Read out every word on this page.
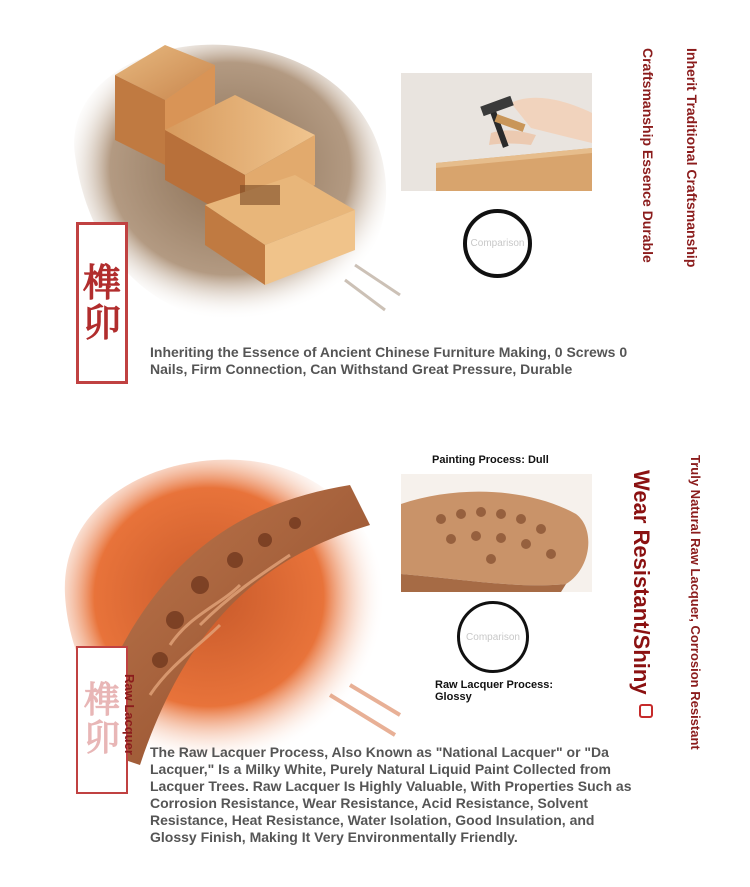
榫
卯
Comparison	Inherit Traditional Craftsmanship
Craftsmanship Essence Durable
Inheriting the Essence of Ancient Chinese Furniture Making, 0 Screws 0 Nails, Firm Connection, Can Withstand Great Pressure, Durable
榫
卯 Raw Lacquer
Painting Process: Dull
Comparison
Raw Lacquer Process: Glossy	Truly Natural Raw Lacquer, Corrosion Resistant
Wear Resistant/Shiny
The Raw Lacquer Process, Also Known as "National Lacquer" or "Da Lacquer," Is a Milky White, Purely Natural Liquid Paint Collected from Lacquer Trees. Raw Lacquer Is Highly Valuable, With Properties Such as Corrosion Resistance, Wear Resistance, Acid Resistance, Solvent Resistance, Heat Resistance, Water Isolation, Good Insulation, and Glossy Finish, Making It Very Environmentally Friendly.
